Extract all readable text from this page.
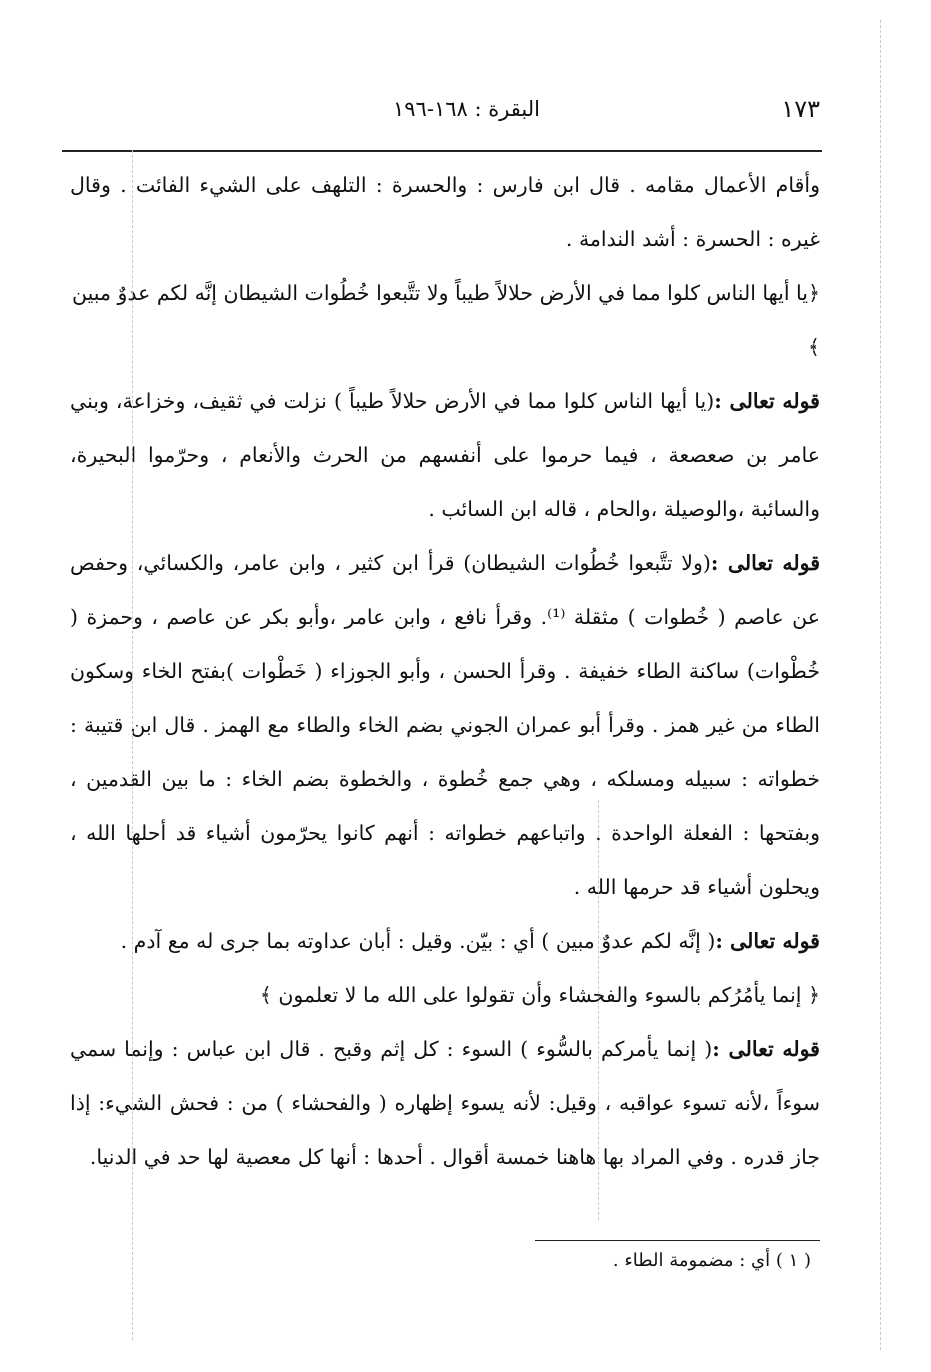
١٧٣
البقرة : ١٦٨-١٩٦

وأقام الأعمال مقامه . قال ابن فارس : والحسرة : التلهف على الشيء الفائت . وقال غيره : الحسرة : أشد الندامة .

﴿يا أيها الناس كلوا مما في الأرض حلالاً طيباً ولا تتَّبعوا خُطُوات الشيطان إنَّه لكم عدوٌ مبين ﴾

قوله تعالى :(يا أيها الناس كلوا مما في الأرض حلالاً طيباً ) نزلت في ثقيف، وخزاعة، وبني عامر بن صعصعة ، فيما حرموا على أنفسهم من الحرث والأنعام ، وحرّموا البحيرة، والسائبة ،والوصيلة ،والحام ، قاله ابن السائب .

قوله تعالى :(ولا تتَّبعوا خُطُوات الشيطان) قرأ ابن كثير ، وابن عامر، والكسائي، وحفص عن عاصم ( خُطوات ) مثقلة ⁽¹⁾. وقرأ نافع ، وابن عامر ،وأبو بكر عن عاصم ، وحمزة ( خُطْوات) ساكنة الطاء خفيفة . وقرأ الحسن ، وأبو الجوزاء ( خَطْوات )بفتح الخاء وسكون الطاء من غير همز . وقرأ أبو عمران الجوني بضم الخاء والطاء مع الهمز . قال ابن قتيبة : خطواته : سبيله ومسلكه ، وهي جمع خُطوة ، والخطوة بضم الخاء : ما بين القدمين ، وبفتحها : الفعلة الواحدة . واتباعهم خطواته : أنهم كانوا يحرّمون أشياء قد أحلها الله ، ويحلون أشياء قد حرمها الله .

قوله تعالى :( إنَّه لكم عدوٌ مبين ) أي : بيّن. وقيل : أبان عداوته بما جرى له مع آدم .

﴿ إنما يأمُرُكم بالسوء والفحشاء وأن تقولوا على الله ما لا تعلمون ﴾

قوله تعالى :( إنما يأمركم بالسُّوء ) السوء : كل إثم وقبح . قال ابن عباس : وإنما سمي سوءاً ،لأنه تسوء عواقبه ، وقيل: لأنه يسوء إظهاره ( والفحشاء ) من : فحش الشيء: إذا جاز قدره . وفي المراد بها هاهنا خمسة أقوال . أحدها : أنها كل معصية لها حد في الدنيا.

( ١ ) أي : مضمومة الطاء .
